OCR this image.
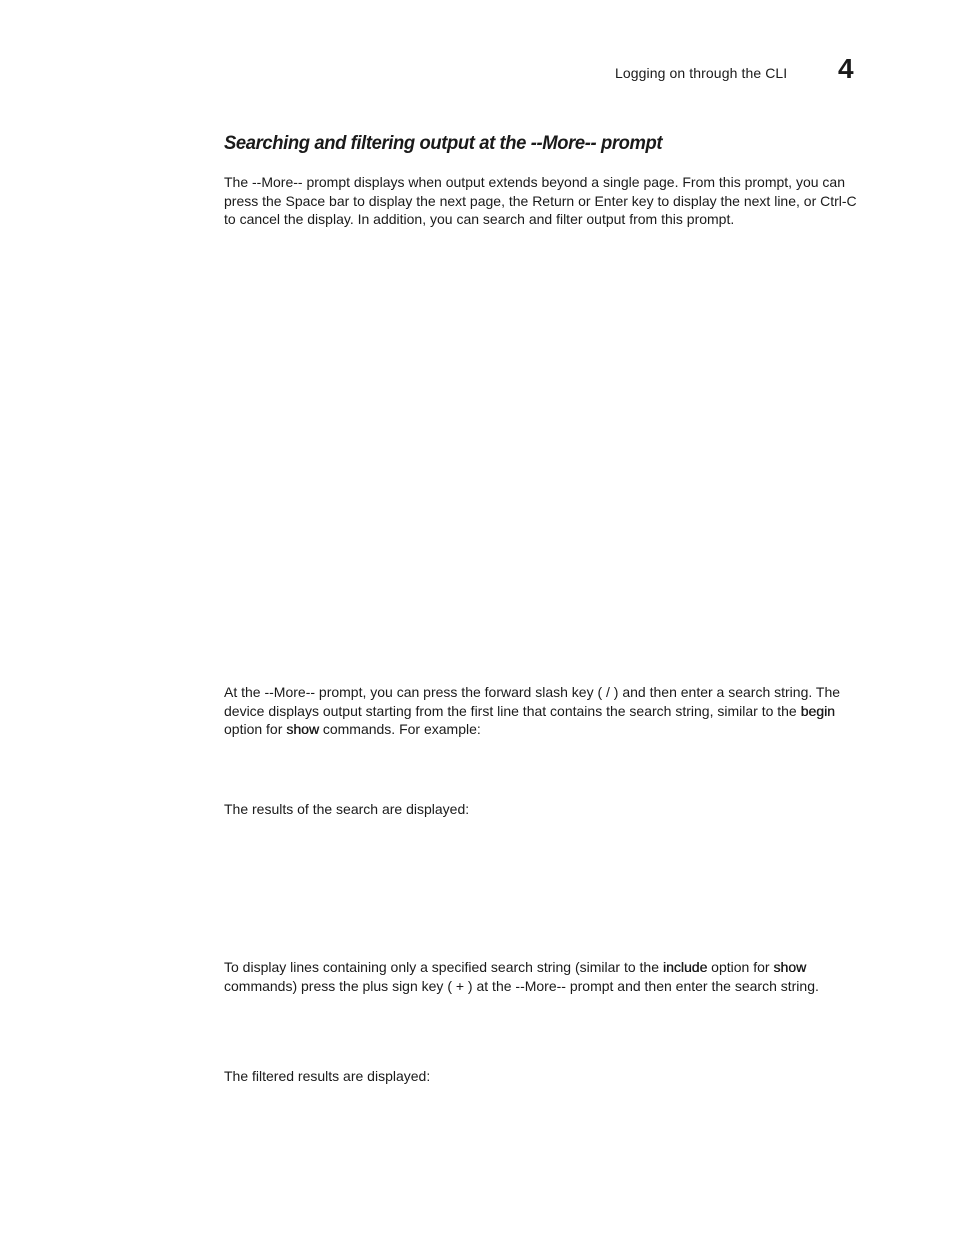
Logging on through the CLI 4
Searching and filtering output at the --More-- prompt
The --More-- prompt displays when output extends beyond a single page. From this prompt, you can press the Space bar to display the next page, the Return or Enter key to display the next line, or Ctrl-C to cancel the display. In addition, you can search and filter output from this prompt.
At the --More-- prompt, you can press the forward slash key ( / ) and then enter a search string. The device displays output starting from the first line that contains the search string, similar to the begin option for show commands. For example:
The results of the search are displayed:
To display lines containing only a specified search string (similar to the include option for show commands) press the plus sign key ( + ) at the --More-- prompt and then enter the search string.
The filtered results are displayed:
